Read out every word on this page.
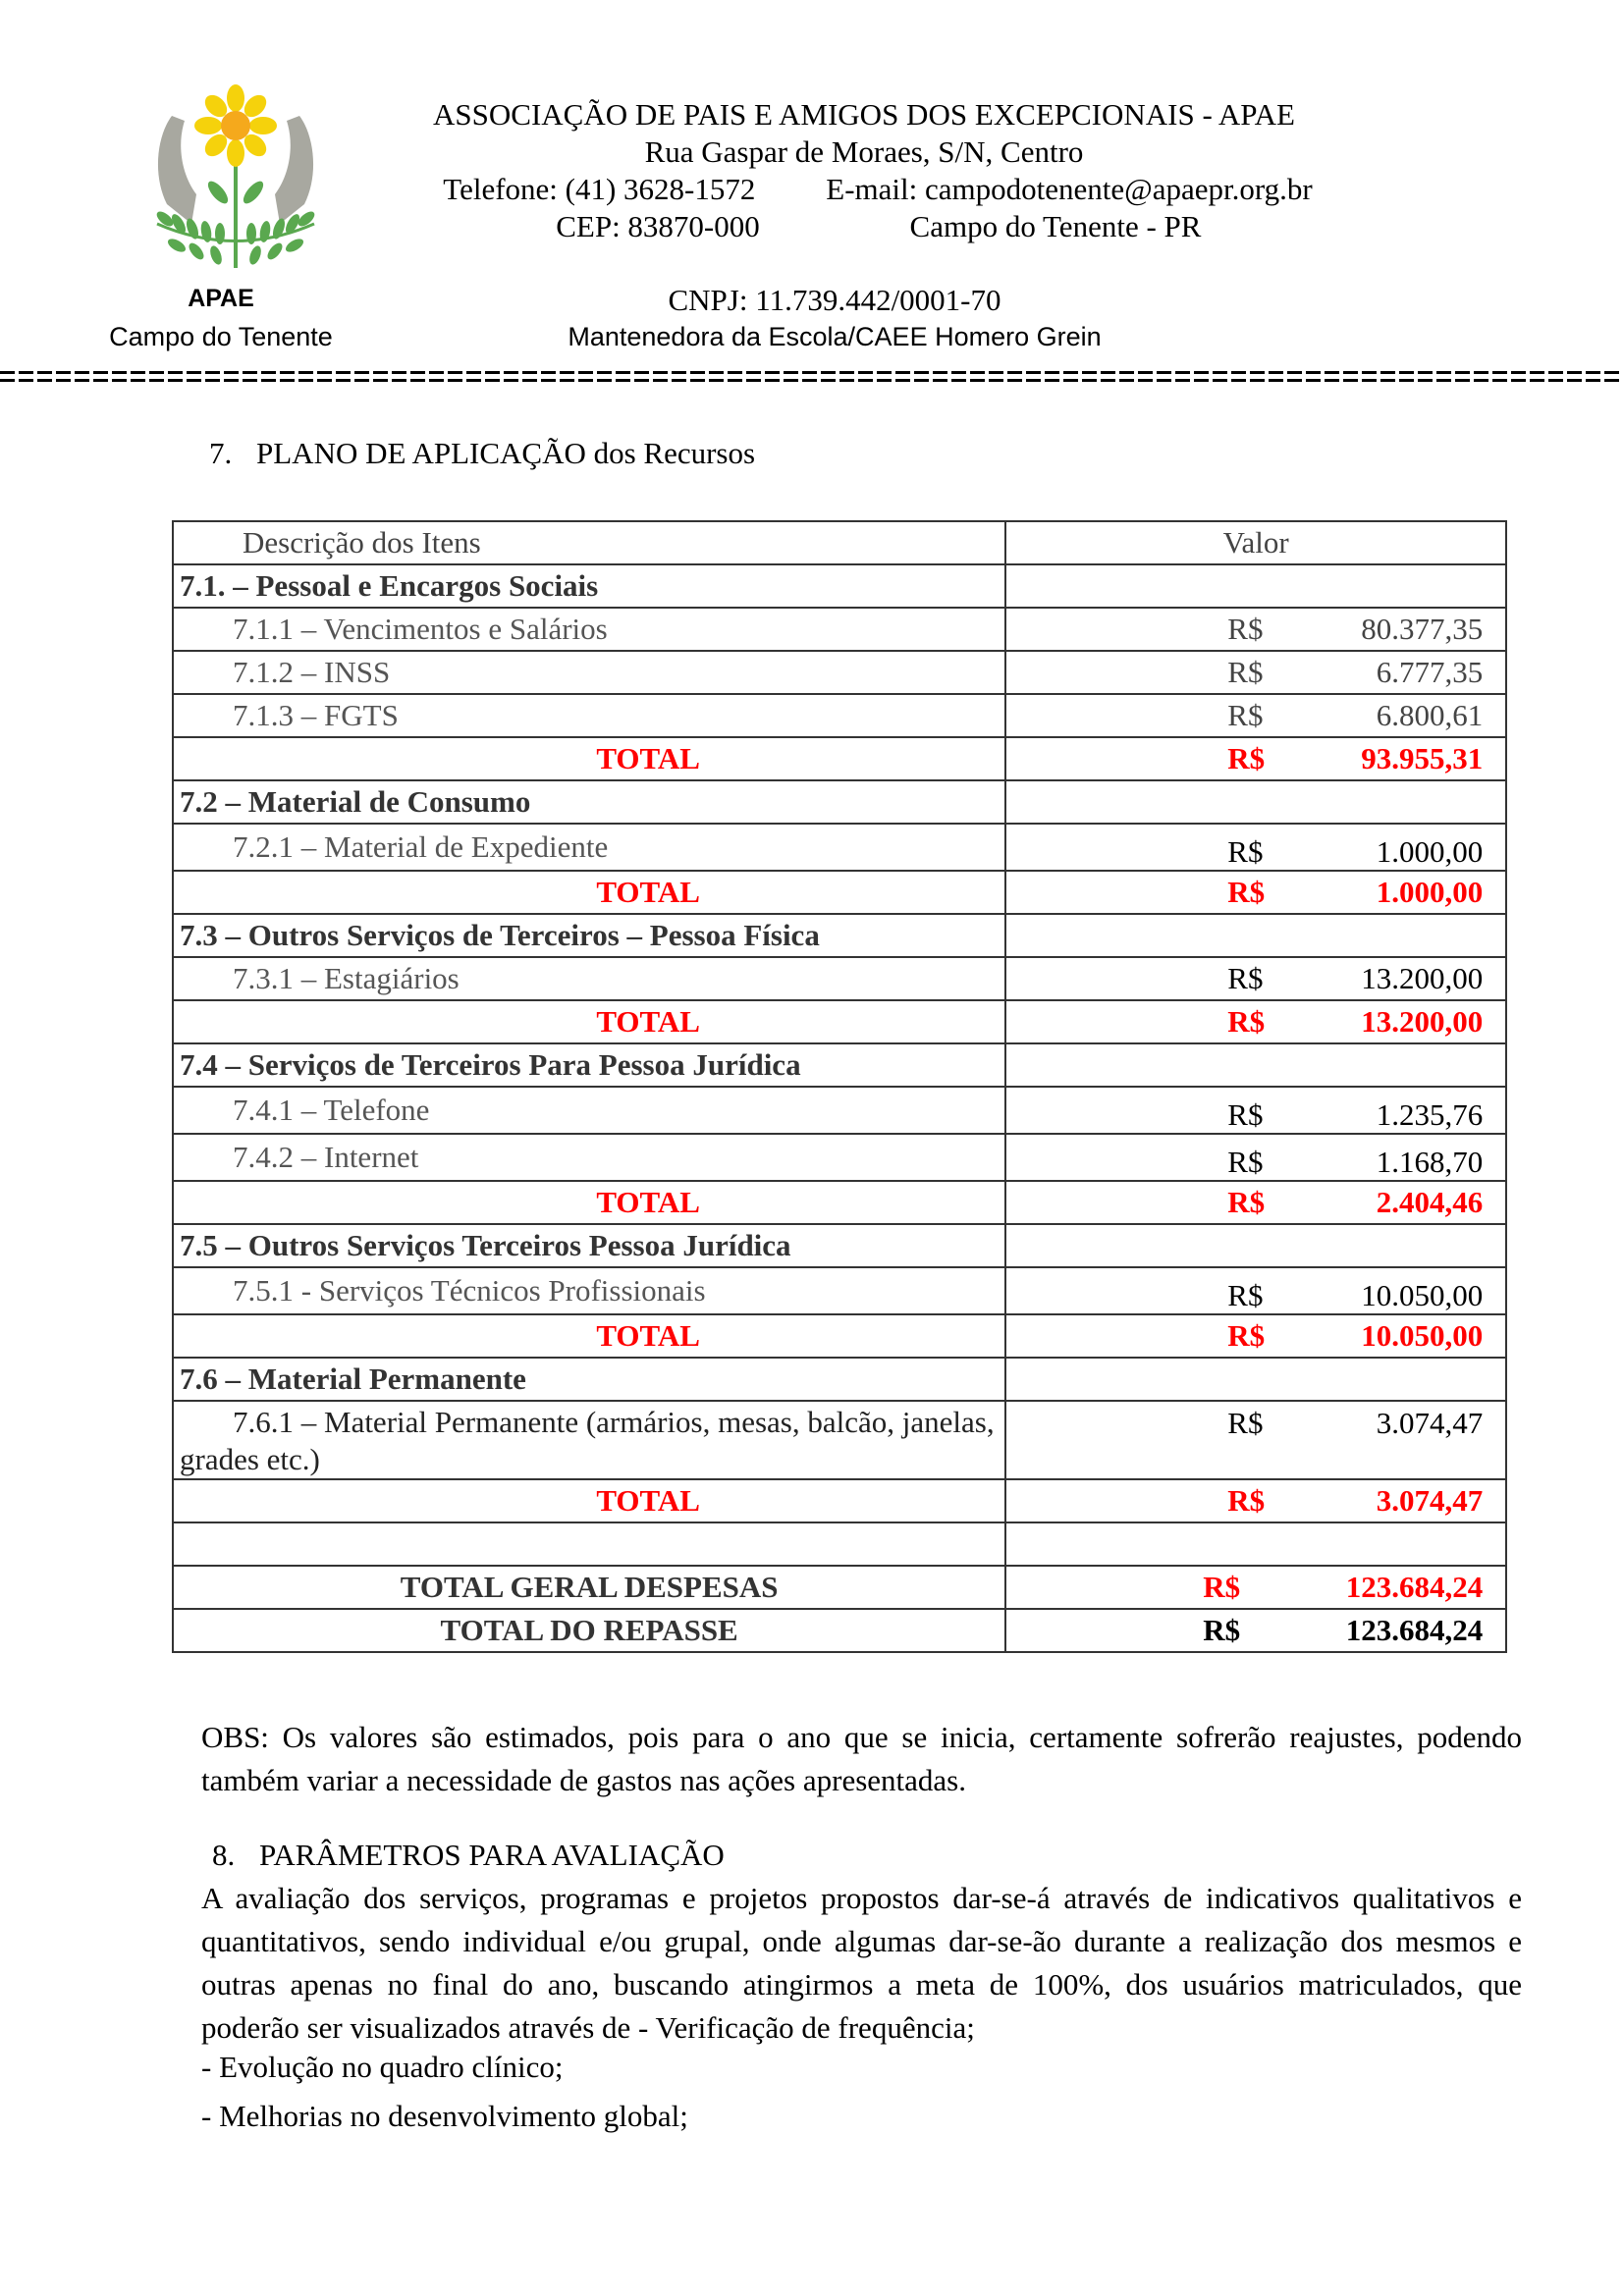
ASSOCIAÇÃO DE PAIS E AMIGOS DOS EXCEPCIONAIS - APAE
Rua Gaspar de Moraes, S/N, Centro
Telefone: (41) 3628-1572 E-mail: campodotenente@apaepr.org.br
CEP: 83870-000	Campo do Tenente - PR
APAE
Campo do Tenente
CNPJ: 11.739.442/0001-70
Mantenedora da Escola/CAEE Homero Grein
7. PLANO DE APLICAÇÃO dos Recursos
Descrição dos Itens	Valor
7.1. – Pessoal e Encargos Sociais	
7.1.1 – Vencimentos e Salários	R$ 80.377,35

7.1.2 – INSS	R$ 6.777,35

7.1.3 – FGTS	R$ 6.800,61

TOTAL	R$ 93.955,31

7.2 – Material de Consumo	
7.2.1 – Material de Expediente	R$ 1.000,00

TOTAL	R$ 1.000,00

7.3 – Outros Serviços de Terceiros – Pessoa Física	
7.3.1 – Estagiários	R$ 13.200,00

TOTAL	R$ 13.200,00

7.4 – Serviços de Terceiros Para Pessoa Jurídica	
7.4.1 – Telefone	R$ 1.235,76

7.4.2 – Internet	R$ 1.168,70

TOTAL	R$ 2.404,46

7.5 – Outros Serviços Terceiros Pessoa Jurídica	
7.5.1 - Serviços Técnicos Profissionais	R$ 10.050,00

TOTAL	R$ 10.050,00

7.6 – Material Permanente	
7.6.1 – Material Permanente (armários, mesas, balcão, janelas, grades etc.)	R$ 3.074,47

TOTAL	R$ 3.074,47

TOTAL GERAL DESPESAS	R$ 123.684,24

TOTAL DO REPASSE	R$ 123.684,24
OBS: Os valores são estimados, pois para o ano que se inicia, certamente sofrerão reajustes, podendo também variar a necessidade de gastos nas ações apresentadas.
8. PARÂMETROS PARA AVALIAÇÃO
A avaliação dos serviços, programas e projetos propostos dar-se-á através de indicativos qualitativos e quantitativos, sendo individual e/ou grupal, onde algumas dar-se-ão durante a realização dos mesmos e outras apenas no final do ano, buscando atingirmos a meta de 100%, dos usuários matriculados, que poderão ser visualizados através de - Verificação de frequência;
- Evolução no quadro clínico;
- Melhorias no desenvolvimento global;
